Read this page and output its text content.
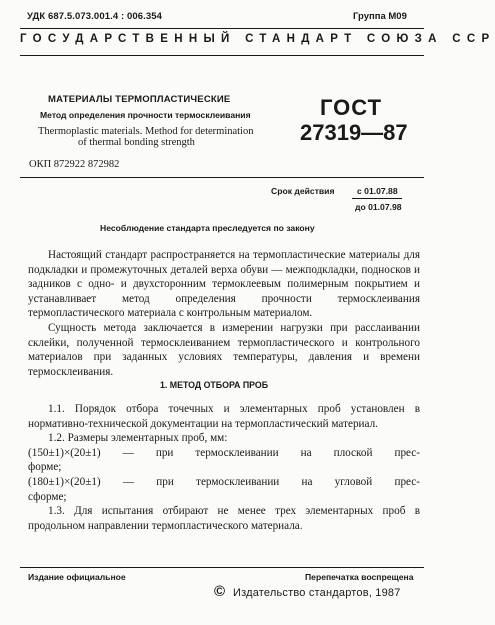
УДК 687.5.073.001.4 : 006.354	Группа М09
ГОСУДАРСТВЕННЫЙ СТАНДАРТ СОЮЗА ССР
МАТЕРИАЛЫ ТЕРМОПЛАСТИЧЕСКИЕ
Метод определения прочности термосклеивания
Thermoplastic materials. Method for determination
of thermal bonding strength
ГОСТ
27319—87
ОКП 872922 872982
Срок действия	с 01.07.88
до 01.07.98
Несоблюдение стандарта преследуется по закону

Настоящий стандарт распространяется на термопластические материалы для подкладки и промежуточных деталей верха обуви — межподкладки, подносков и задников с одно- и двухсторонним термоклеевым полимерным покрытием и устанавливает метод определения прочности термосклеивания термопластического материала с контрольным материалом.

Сущность метода заключается в измерении нагрузки при расслаивании склейки, полученной термосклеиванием термопластического и контрольного материалов при заданных условиях температуры, давления и времени термосклеивания.

1. МЕТОД ОТБОРА ПРОБ

1.1. Порядок отбора точечных и элементарных проб установлен в нормативно-технической документации на термопластический материал.

1.2. Размеры элементарных проб, мм:

(150±1)×(20±1) — при термосклеивании на плоской прес-

форме;

(180±1)×(20±1) — при термосклеивании на угловой прес-

сформе;

1.3. Для испытания отбирают не менее трех элементарных проб в продольном направлении термопластического материала.

Издание официальное	Перепечатка воспрещена
© Издательство стандартов, 1987
